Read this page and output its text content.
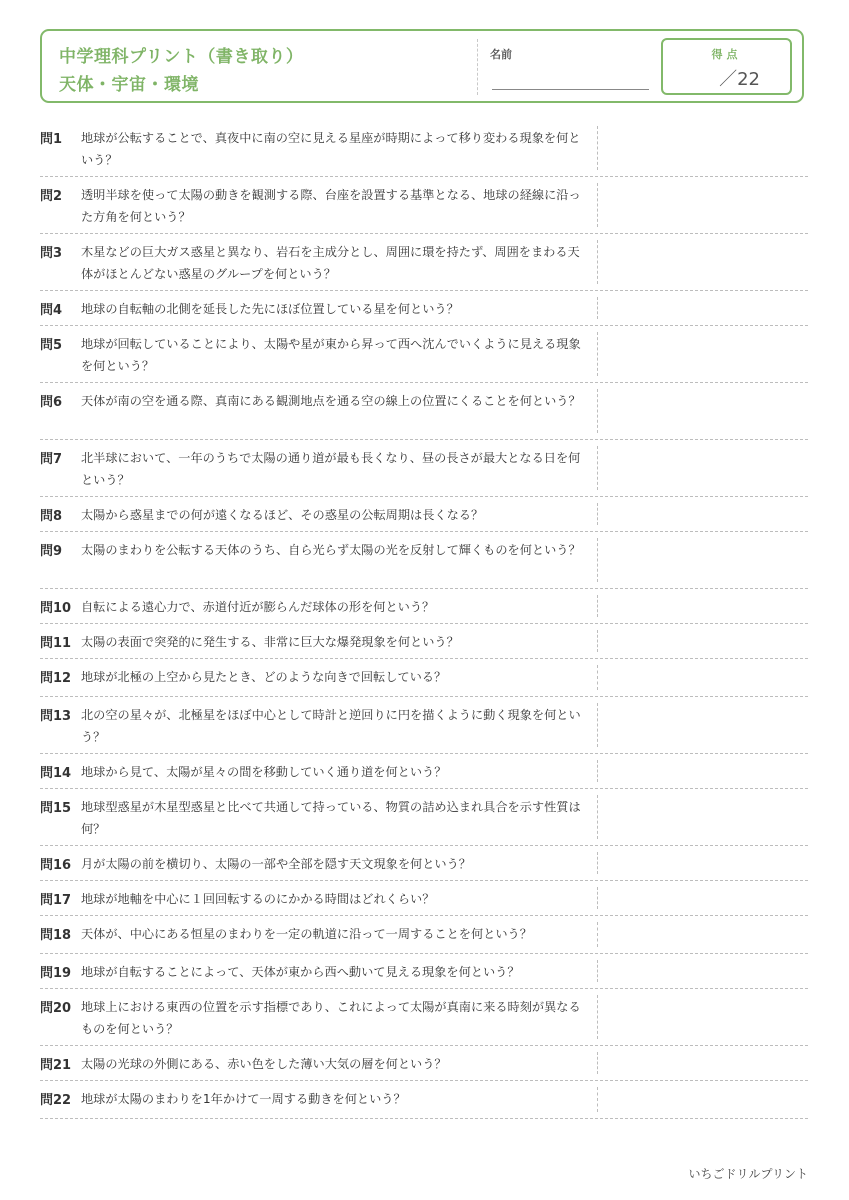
中学理科プリント（書き取り）
天体・宇宙・環境
名前	得点
／22
問1 地球が公転することで、真夜中に南の空に見える星座が時期によって移り変わる現象を何という？
問2 透明半球を使って太陽の動きを観測する際、台座を設置する基準となる、地球の経線に沿った方角を何という？
問3 木星などの巨大ガス惑星と異なり、岩石を主成分とし、周囲に環を持たず、周囲をまわる天体がほとんどない惑星のグループを何という？
問4 地球の自転軸の北側を延長した先にほぼ位置している星を何という？
問5 地球が回転していることにより、太陽や星が東から昇って西へ沈んでいくように見える現象を何という？
問6 天体が南の空を通る際、真南にある観測地点を通る空の線上の位置にくることを何という？
問7 北半球において、一年のうちで太陽の通り道が最も長くなり、昼の長さが最大となる日を何という？
問8 太陽から惑星までの何が遠くなるほど、その惑星の公転周期は長くなる？
問9 太陽のまわりを公転する天体のうち、自ら光らず太陽の光を反射して輝くものを何という？
問10 自転による遠心力で、赤道付近が膨らんだ球体の形を何という？
問11 太陽の表面で突発的に発生する、非常に巨大な爆発現象を何という？
問12 地球が北極の上空から見たとき、どのような向きで回転している？
問13 北の空の星々が、北極星をほぼ中心として時計と逆回りに円を描くように動く現象を何という？
問14 地球から見て、太陽が星々の間を移動していく通り道を何という？
問15 地球型惑星が木星型惑星と比べて共通して持っている、物質の詰め込まれ具合を示す性質は何？
問16 月が太陽の前を横切り、太陽の一部や全部を隠す天文現象を何という？
問17 地球が地軸を中心に１回回転するのにかかる時間はどれくらい？
問18 天体が、中心にある恒星のまわりを一定の軌道に沿って一周することを何という？
問19 地球が自転することによって、天体が東から西へ動いて見える現象を何という？
問20 地球上における東西の位置を示す指標であり、これによって太陽が真南に来る時刻が異なるものを何という？
問21 太陽の光球の外側にある、赤い色をした薄い大気の層を何という？
問22 地球が太陽のまわりを1年かけて一周する動きを何という？
いちごドリルプリント
